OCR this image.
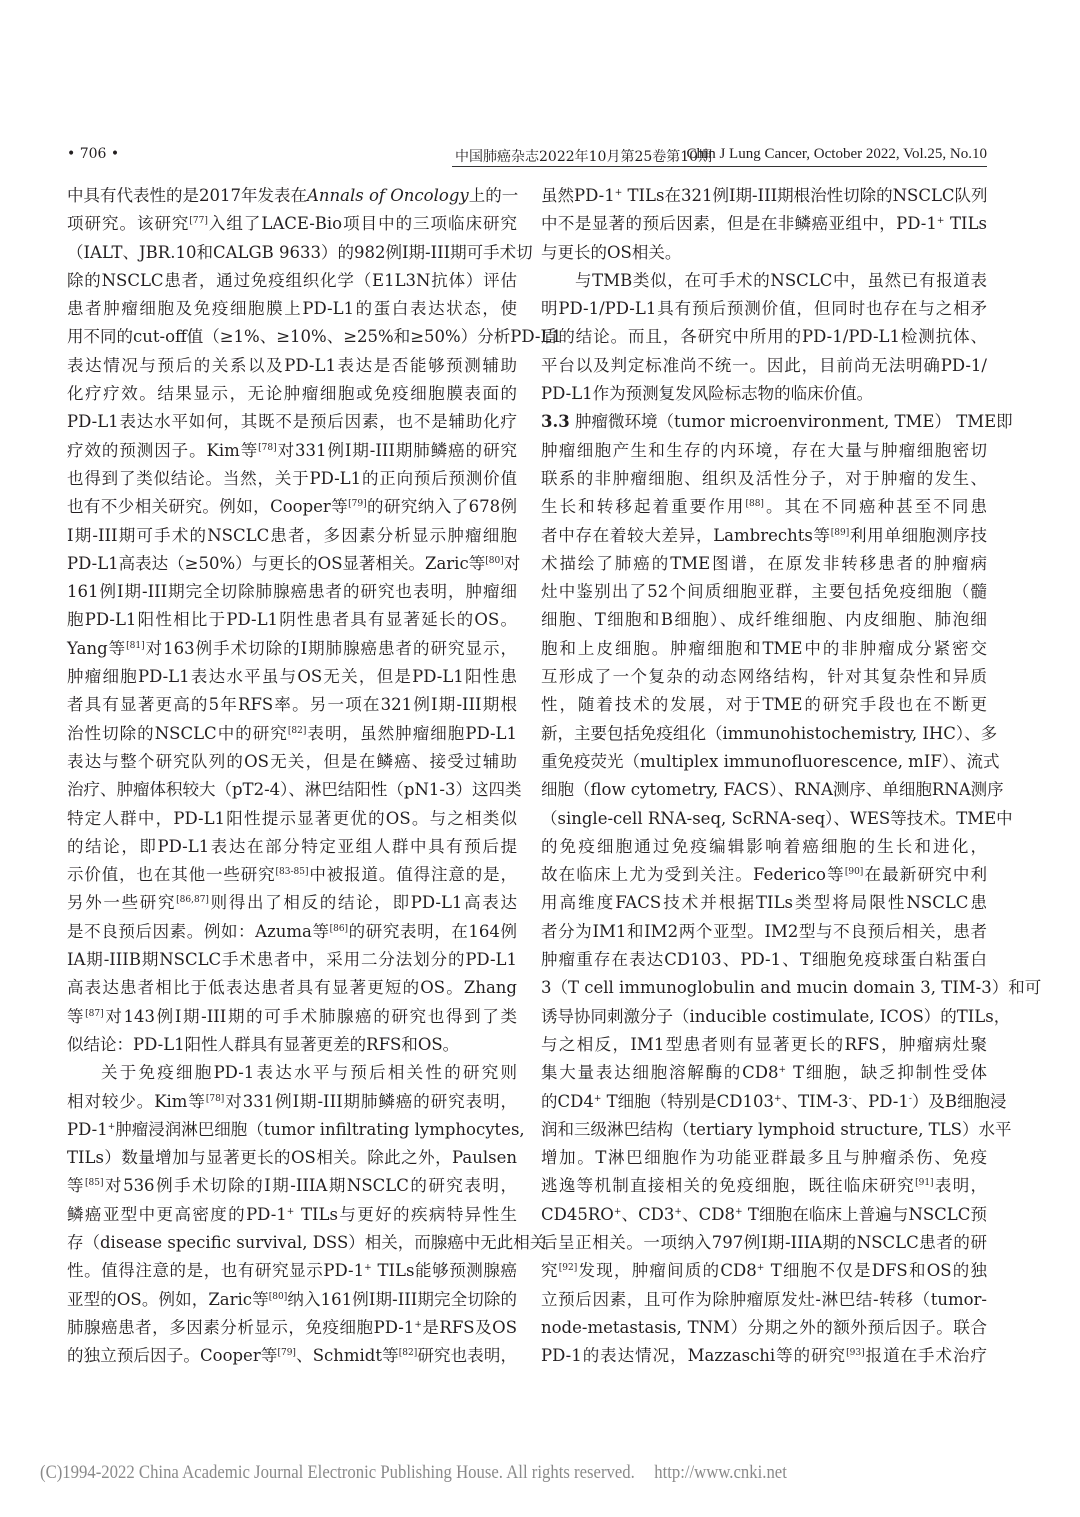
• 706 •	中国肺癌杂志2022年10月第25卷第10期
Chin J Lung Cancer, October 2022, Vol.25, No.10
中具有代表性的是2017年发表在Annals of Oncology上的一
项研究。该研究[77]入组了LACE-Bio项目中的三项临床研究
（IALT、JBR.10和CALGB 9633）的982例I期-III期可手术切
除的NSCLC患者，通过免疫组织化学（E1L3N抗体）评估
患者肿瘤细胞及免疫细胞膜上PD-L1的蛋白表达状态，使
用不同的cut-off值（≥1%、≥10%、≥25%和≥50%）分析PD-L1
表达情况与预后的关系以及PD-L1表达是否能够预测辅助
化疗疗效。结果显示，无论肿瘤细胞或免疫细胞膜表面的
PD-L1表达水平如何，其既不是预后因素，也不是辅助化疗
疗效的预测因子。Kim等[78]对331例I期-III期肺鳞癌的研究
也得到了类似结论。当然，关于PD-L1的正向预后预测价值
也有不少相关研究。例如，Cooper等[79]的研究纳入了678例
I期-III期可手术的NSCLC患者，多因素分析显示肿瘤细胞
PD-L1高表达（≥50%）与更长的OS显著相关。Zaric等[80]对
161例I期-III期完全切除肺腺癌患者的研究也表明，肿瘤细
胞PD-L1阳性相比于PD-L1阴性患者具有显著延长的OS。
Yang等[81]对163例手术切除的I期肺腺癌患者的研究显示，
肿瘤细胞PD-L1表达水平虽与OS无关，但是PD-L1阳性患
者具有显著更高的5年RFS率。另一项在321例I期-III期根
治性切除的NSCLC中的研究[82]表明，虽然肿瘤细胞PD-L1
表达与整个研究队列的OS无关，但是在鳞癌、接受过辅助
治疗、肿瘤体积较大（pT2-4）、淋巴结阳性（pN1-3）这四类
特定人群中，PD-L1阳性提示显著更优的OS。与之相类似
的结论，即PD-L1表达在部分特定亚组人群中具有预后提
示价值，也在其他一些研究[83-85]中被报道。值得注意的是，
另外一些研究[86,87]则得出了相反的结论，即PD-L1高表达
是不良预后因素。例如：Azuma等[86]的研究表明，在164例
IA期-IIIB期NSCLC手术患者中，采用二分法划分的PD-L1
高表达患者相比于低表达患者具有显著更短的OS。Zhang
等[87]对143例I期-III期的可手术肺腺癌的研究也得到了类
似结论：PD-L1阳性人群具有显著更差的RFS和OS。
关于免疫细胞PD-1表达水平与预后相关性的研究则
相对较少。Kim等[78]对331例I期-III期肺鳞癌的研究表明，
PD-1+肿瘤浸润淋巴细胞（tumor infiltrating lymphocytes,
TILs）数量增加与显著更长的OS相关。除此之外，Paulsen
等[85]对536例手术切除的I期-IIIA期NSCLC的研究表明，
鳞癌亚型中更高密度的PD-1+ TILs与更好的疾病特异性生
存（disease specific survival, DSS）相关，而腺癌中无此相关
性。值得注意的是，也有研究显示PD-1+ TILs能够预测腺癌
亚型的OS。例如，Zaric等[80]纳入161例I期-III期完全切除的
肺腺癌患者，多因素分析显示，免疫细胞PD-1+是RFS及OS
的独立预后因子。Cooper等[79]、Schmidt等[82]研究也表明，
虽然PD-1+ TILs在321例I期-III期根治性切除的NSCLC队列
中不是显著的预后因素，但是在非鳞癌亚组中，PD-1+ TILs
与更长的OS相关。
与TMB类似，在可手术的NSCLC中，虽然已有报道表
明PD-1/PD-L1具有预后预测价值，但同时也存在与之相矛
盾的结论。而且，各研究中所用的PD-1/PD-L1检测抗体、
平台以及判定标准尚不统一。因此，目前尚无法明确PD-1/
PD-L1作为预测复发风险标志物的临床价值。
3.3 肿瘤微环境（tumor microenvironment, TME） TME即
肿瘤细胞产生和生存的内环境，存在大量与肿瘤细胞密切
联系的非肿瘤细胞、组织及活性分子，对于肿瘤的发生、
生长和转移起着重要作用[88]。其在不同癌种甚至不同患
者中存在着较大差异，Lambrechts等[89]利用单细胞测序技
术描绘了肺癌的TME图谱，在原发非转移患者的肿瘤病
灶中鉴别出了52个间质细胞亚群，主要包括免疫细胞（髓
细胞、T细胞和B细胞）、成纤维细胞、内皮细胞、肺泡细
胞和上皮细胞。肿瘤细胞和TME中的非肿瘤成分紧密交
互形成了一个复杂的动态网络结构，针对其复杂性和异质
性，随着技术的发展，对于TME的研究手段也在不断更
新，主要包括免疫组化（immunohistochemistry, IHC）、多
重免疫荧光（multiplex immunofluorescence, mIF）、流式
细胞（flow cytometry, FACS）、RNA测序、单细胞RNA测序
（single-cell RNA-seq, ScRNA-seq）、WES等技术。TME中
的免疫细胞通过免疫编辑影响着癌细胞的生长和进化，
故在临床上尤为受到关注。Federico等[90]在最新研究中利
用高维度FACS技术并根据TILs类型将局限性NSCLC患
者分为IM1和IM2两个亚型。IM2型与不良预后相关，患者
肿瘤重存在表达CD103、PD-1、T细胞免疫球蛋白粘蛋白
3（T cell immunoglobulin and mucin domain 3, TIM-3）和可
诱导协同刺激分子（inducible costimulate, ICOS）的TILs，
与之相反，IM1型患者则有显著更长的RFS，肿瘤病灶聚
集大量表达细胞溶解酶的CD8+ T细胞，缺乏抑制性受体
的CD4+ T细胞（特别是CD103+、TIM-3-、PD-1-）及B细胞浸
润和三级淋巴结构（tertiary lymphoid structure, TLS）水平
增加。T淋巴细胞作为功能亚群最多且与肿瘤杀伤、免疫
逃逸等机制直接相关的免疫细胞，既往临床研究[91]表明，
CD45RO+、CD3+、CD8+ T细胞在临床上普遍与NSCLC预
后呈正相关。一项纳入797例I期-IIIA期的NSCLC患者的研
究[92]发现，肿瘤间质的CD8+ T细胞不仅是DFS和OS的独
立预后因素，且可作为除肿瘤原发灶-淋巴结-转移（tumor-
node-metastasis, TNM）分期之外的额外预后因子。联合
PD-1的表达情况，Mazzaschi等的研究[93]报道在手术治疗
(C)1994-2022 China Academic Journal Electronic Publishing House. All rights reserved. http://www.cnki.net
